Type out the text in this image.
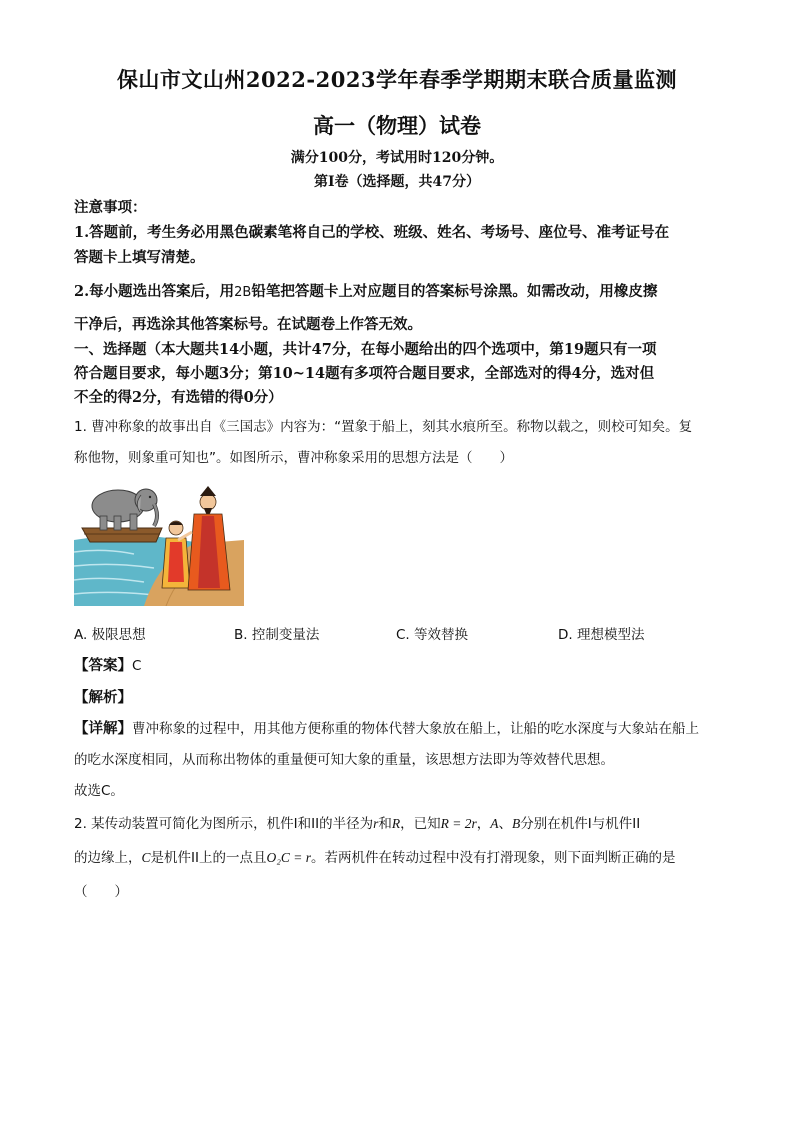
保山市文山州2022-2023学年春季学期期末联合质量监测
高一（物理）试卷
满分100分，考试用时120分钟。
第I卷（选择题，共47分）
注意事项：
1.答题前，考生务必用黑色碳素笔将自己的学校、班级、姓名、考场号、座位号、准考证号在
答题卡上填写清楚。
2.每小题选出答案后，用2B铅笔把答题卡上对应题目的答案标号涂黑。如需改动，用橡皮擦
干净后，再选涂其他答案标号。在试题卷上作答无效。
一、选择题（本大题共14小题，共计47分，在每小题给出的四个选项中，第19题只有一项
符合题目要求，每小题3分；第10~14题有多项符合题目要求，全部选对的得4分，选对但
不全的得2分，有选错的得0分）
1. 曹冲称象的故事出自《三国志》内容为：“置象于船上，刻其水痕所至。称物以载之，则校可知矣。复
称他物，则象重可知也”。如图所示，曹冲称象采用的思想方法是（　　）
A. 极限思想	B. 控制变量法	C. 等效替换	D. 理想模型法
【答案】C
【解析】
【详解】曹冲称象的过程中，用其他方便称重的物体代替大象放在船上，让船的吃水深度与大象站在船上
的吃水深度相同，从而称出物体的重量便可知大象的重量，该思想方法即为等效替代思想。
故选C。
2. 某传动装置可简化为图所示，机件I和II的半径为r和R，已知R = 2r，A、B分别在机件I与机件II
的边缘上，C是机件II上的一点且O₂C = r。若两机件在转动过程中没有打滑现象，则下面判断正确的是
（　　）
